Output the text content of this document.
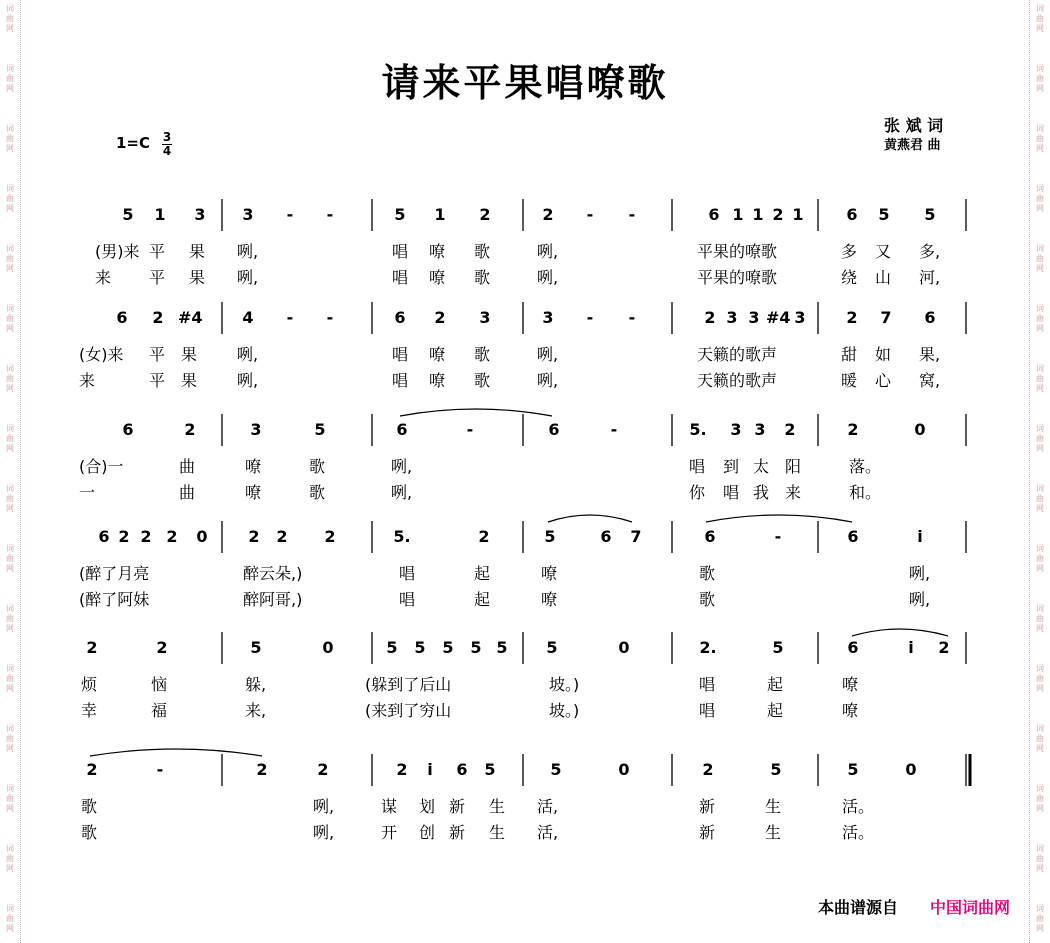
词曲网
词曲网
词曲网
词曲网
词曲网
词曲网
词曲网
词曲网
词曲网
词曲网
词曲网
词曲网
词曲网
词曲网
词曲网
词曲网
词曲网
词曲网
词曲网
词曲网
词曲网
词曲网
词曲网
词曲网
词曲网
词曲网
词曲网
词曲网
词曲网
词曲网
词曲网
词曲网
请来平果唱嘹歌
张 斌 词
黄燕君 曲
1=C 3
4
5 1 3 3	-	-	5 1 2	2	-	-	6 1 1 2 1	6 5 5
(男)来 平 果 咧,	唱 嘹 歌	咧,	平果的嘹歌	多 又 多,
来 平 果 咧,	唱 嘹 歌	咧,	平果的嘹歌	绕 山 河,
6 2 #4 4	-	-	6 2 3	3	-	-	2 3 3 #4 3	2 7 6
(女)来 平 果 咧,	唱 嘹 歌	咧,	天籁的歌声	甜 如 果,
来	平 果 咧,	唱 嘹 歌	咧,	天籁的歌声	暖 心 窝,
6	2	3	5	6	-	6	-	5. 3 3 2	2	0
(合)一	曲	嘹	歌	咧,	唱 到 太 阳	落。
一	曲	嘹	歌	咧,	你 唱 我 来	和。
6 2 2 2 0	2 2 2	5.	2	5	6 7	6	-	6	i
(醉了月亮	醉云朵,)	唱	起	嘹	歌	咧,
(醉了阿妹	醉阿哥,)	唱	起	嘹	歌	咧,
2	2	5	0	5 5 5 5 5 5	0	2.	5	6	i	2
烦	恼	躲,	(躲到了后山	坡。)	唱	起	嘹
幸	福	来,	(来到了穷山	坡。)	唱	起	嘹
2	-	2	2	2	i	6 5	5	0	2	5	5	0
歌	咧,	谋 划 新 生 活,	新	生	活。
歌	咧,	开 创 新 生 活,	新	生	活。
本曲谱源自 中国词曲网
